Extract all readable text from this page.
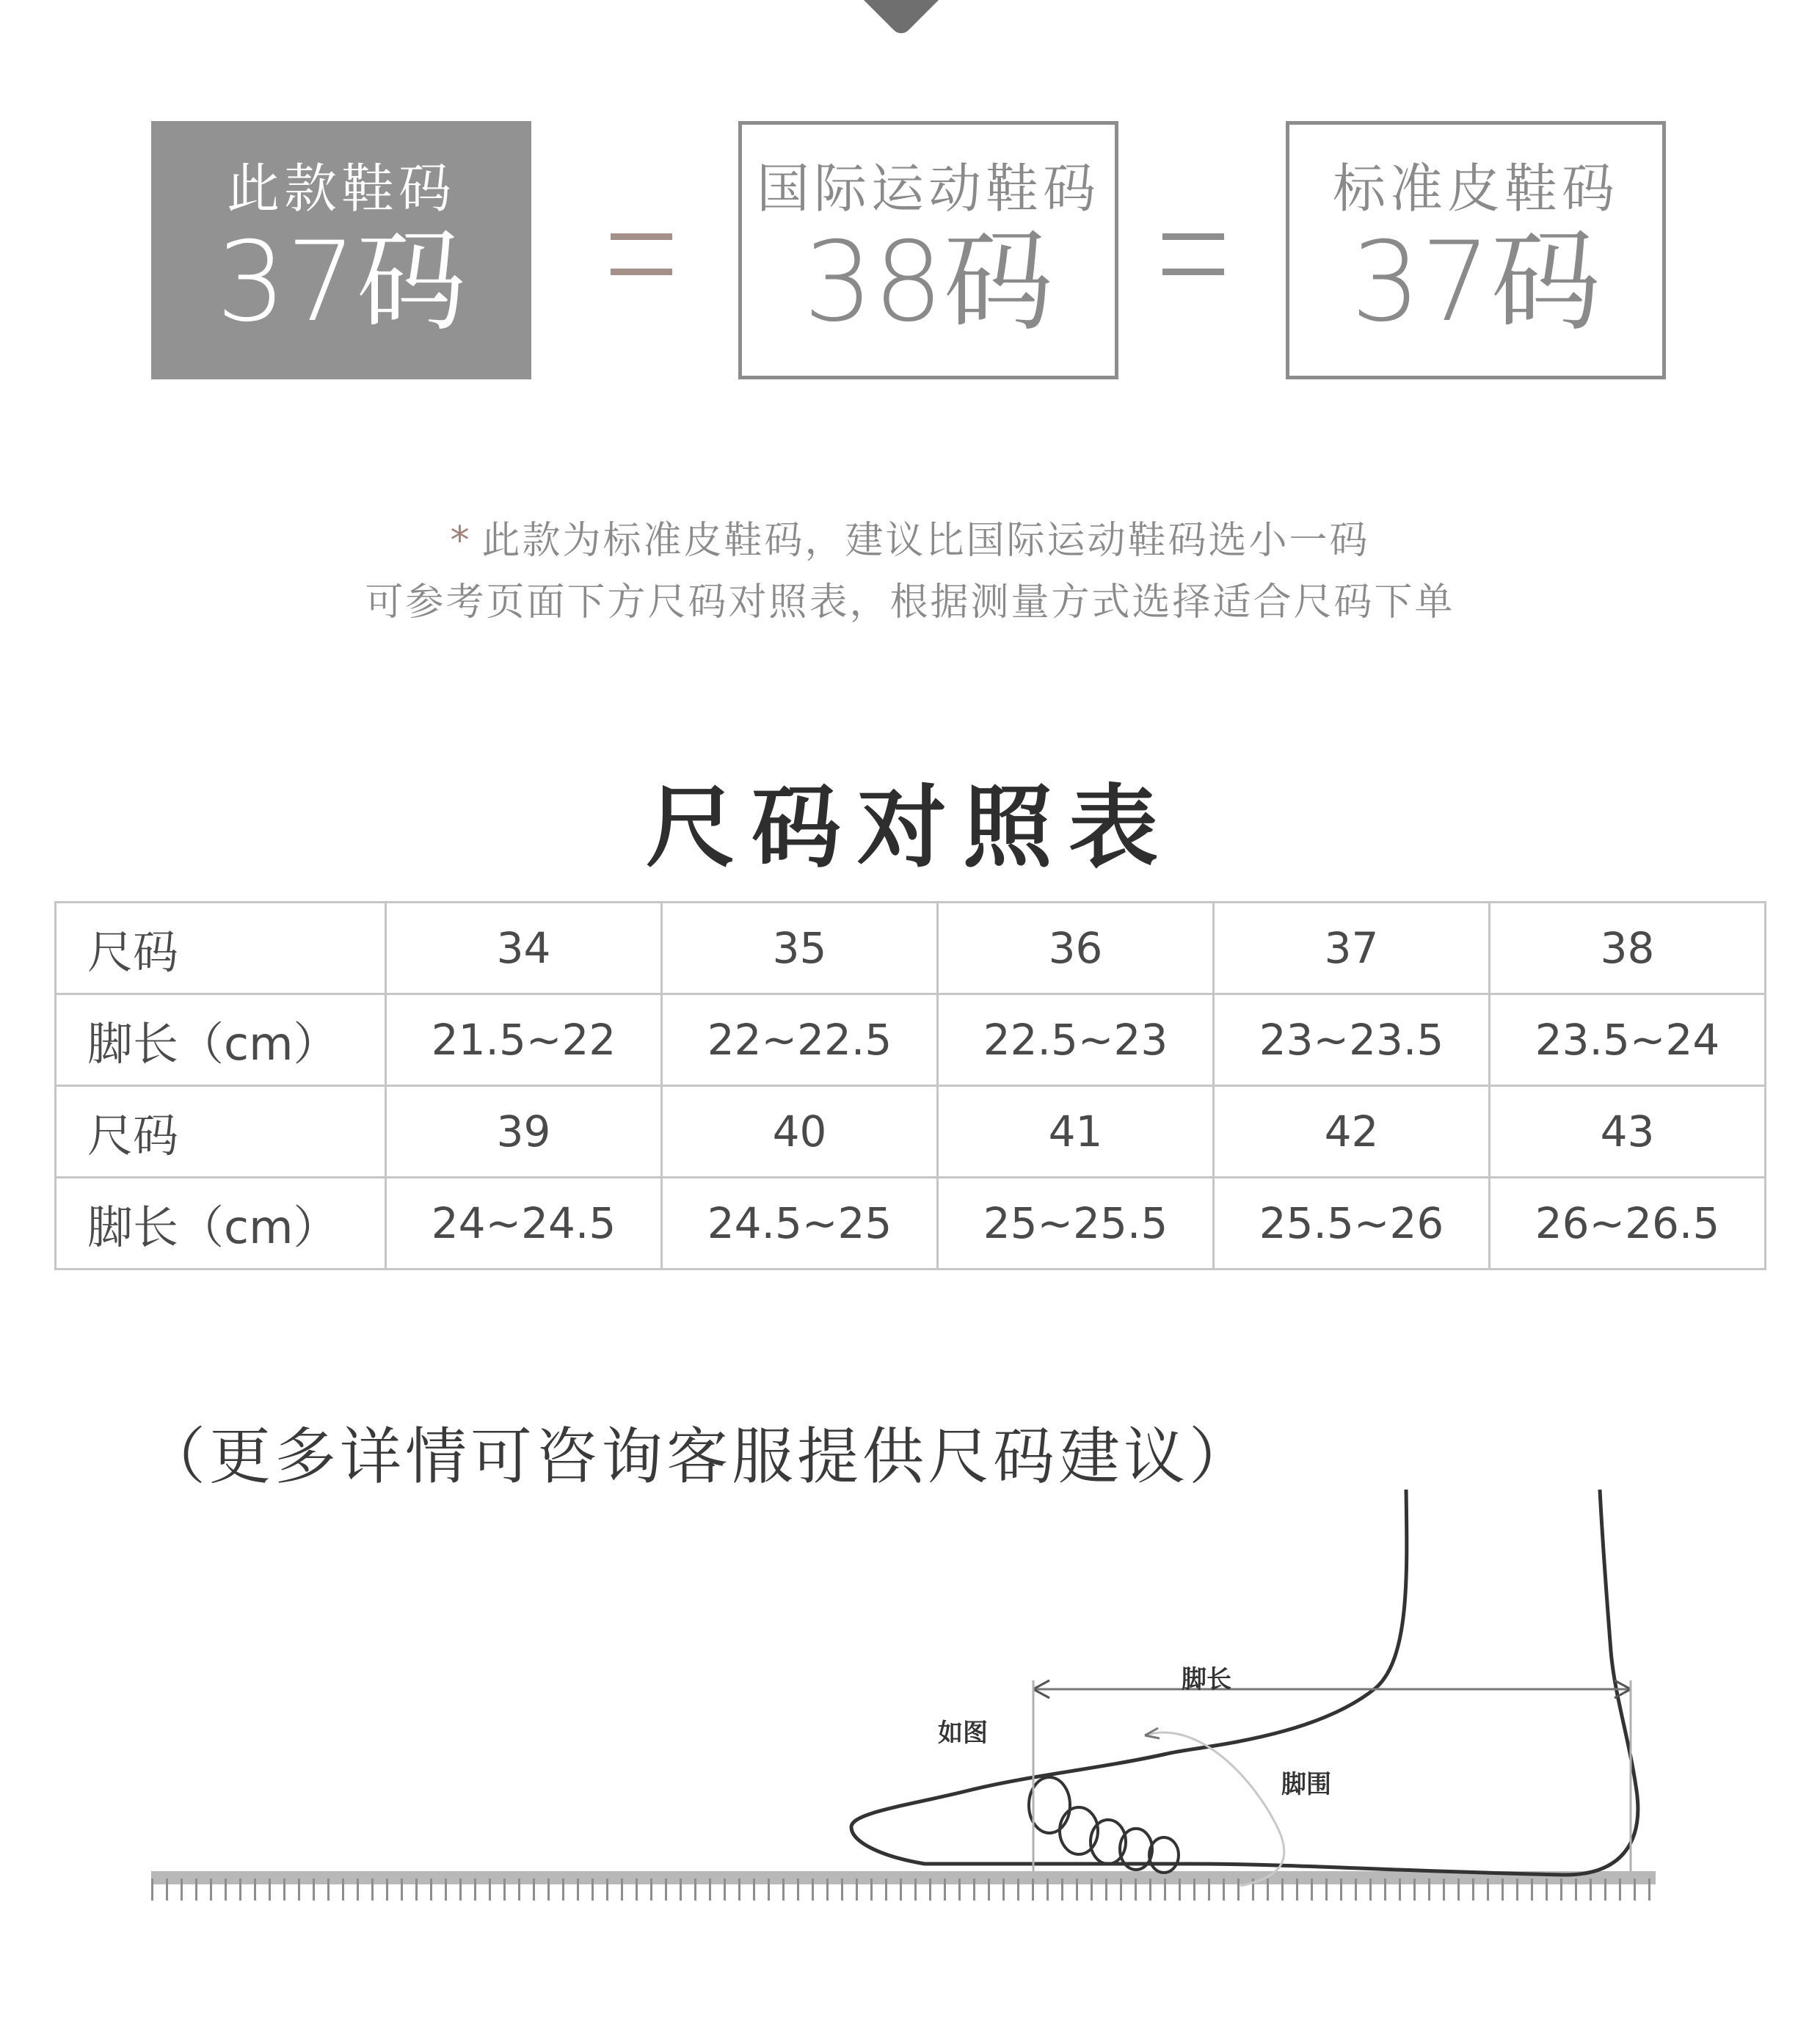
此款鞋码
37码
国际运动鞋码
38码
标准皮鞋码
37码
* 此款为标准皮鞋码，建议比国际运动鞋码选小一码
可参考页面下方尺码对照表，根据测量方式选择适合尺码下单
尺码对照表
尺码	34	35	36	37	38
脚长（cm）	21.5~22	22~22.5	22.5~23	23~23.5	23.5~24
尺码	39	40	41	42	43
脚长（cm）	24~24.5	24.5~25	25~25.5	25.5~26	26~26.5
（更多详情可咨询客服提供尺码建议）
脚长
如图
脚围
